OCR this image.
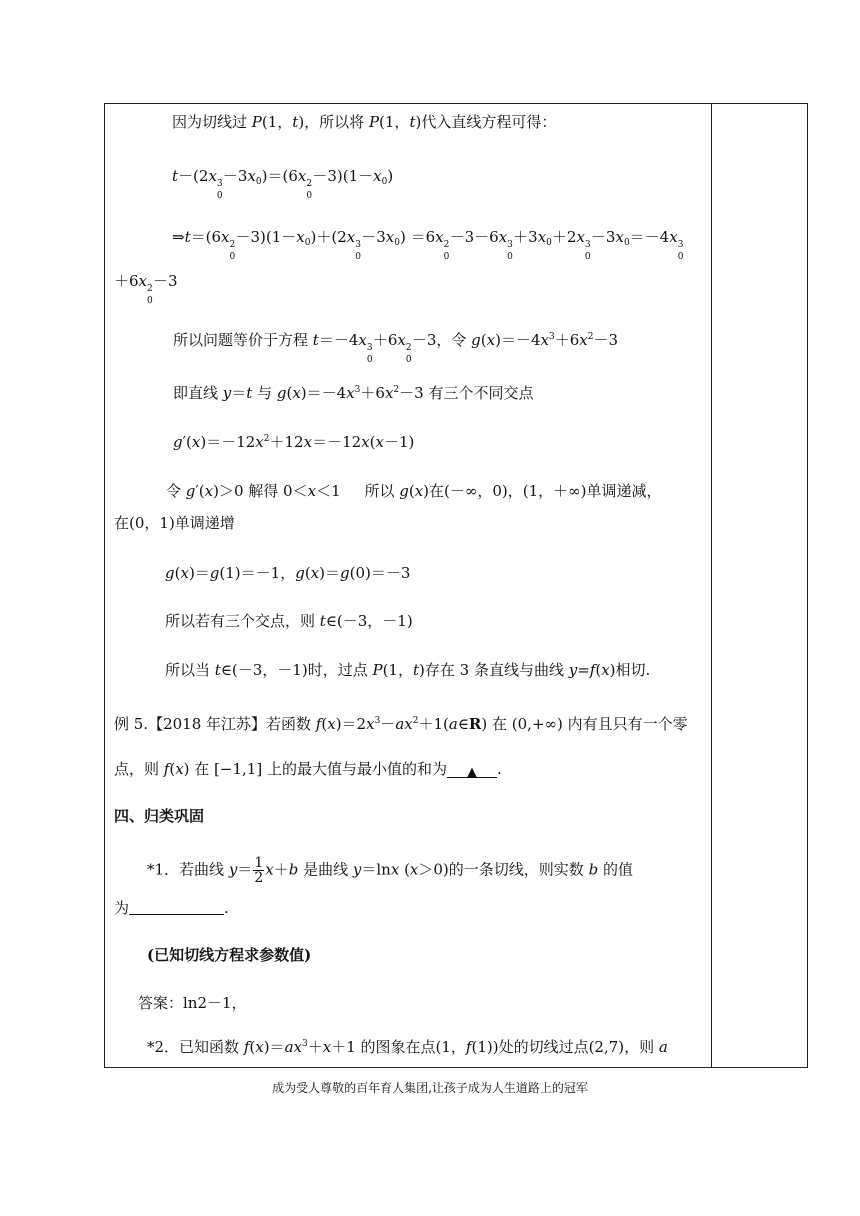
因为切线过 P(1，t)，所以将 P(1，t)代入直线方程可得：
t－(2x 3
0
$-3x_0)=(6x$ 2
0
$-3)(1-x_0)$
⇒t＝(6x 2
0
$-3)(1-x_0)+(2x$ 3
0
$-3x_0) =6x$ 2
0
－3－6x 3
0
$+3x_0+2x$ 3
0
$-3x_0=-4x$ 3
0
＋6x 2
0
－3
所以问题等价于方程 t＝－4x 3
0
＋6x 2
0
－3，令 $g(x)=-4x^3+6x^2-3$
即直线 y＝t 与 $g(x)=-4x^3+6x^2-3$ 有三个不同交点
$g'(x)=-12x^2+12x=-12x(x-1)$
令 g′(x)＞0 解得 0＜x＜1     所以 g(x)在(－∞，0)，(1，＋∞)单调递减，
在(0，1)单调递增
g(x)＝g(1)＝－1，g(x)＝g(0)＝－3
所以若有三个交点，则 t∈(－3，－1)
所以当 t∈(－3，－1)时，过点 P(1，t)存在 3 条直线与曲线 y=f(x)相切.
例 5.【2018 年江苏】若函数 $f(x)=2x^3-ax^2+1(a\in R)$ 在 (0,+∞) 内有且只有一个零
点，则 f(x) 在 [−1,1] 上的最大值与最小值的和为 ▲ .
四、归类巩固
*1．若曲线 $y= \frac{1}{2} x+b$ 是曲线 y＝lnx (x＞0)的一条切线，则实数 b 的值
为	.
(已知切线方程求参数值)
答案：ln2－1，
*2．已知函数 $f(x)=ax^3+x+1$ 的图象在点(1，f(1))处的切线过点(2,7)，则 a
成为受人尊敬的百年育人集团,让孩子成为人生道路上的冠军
